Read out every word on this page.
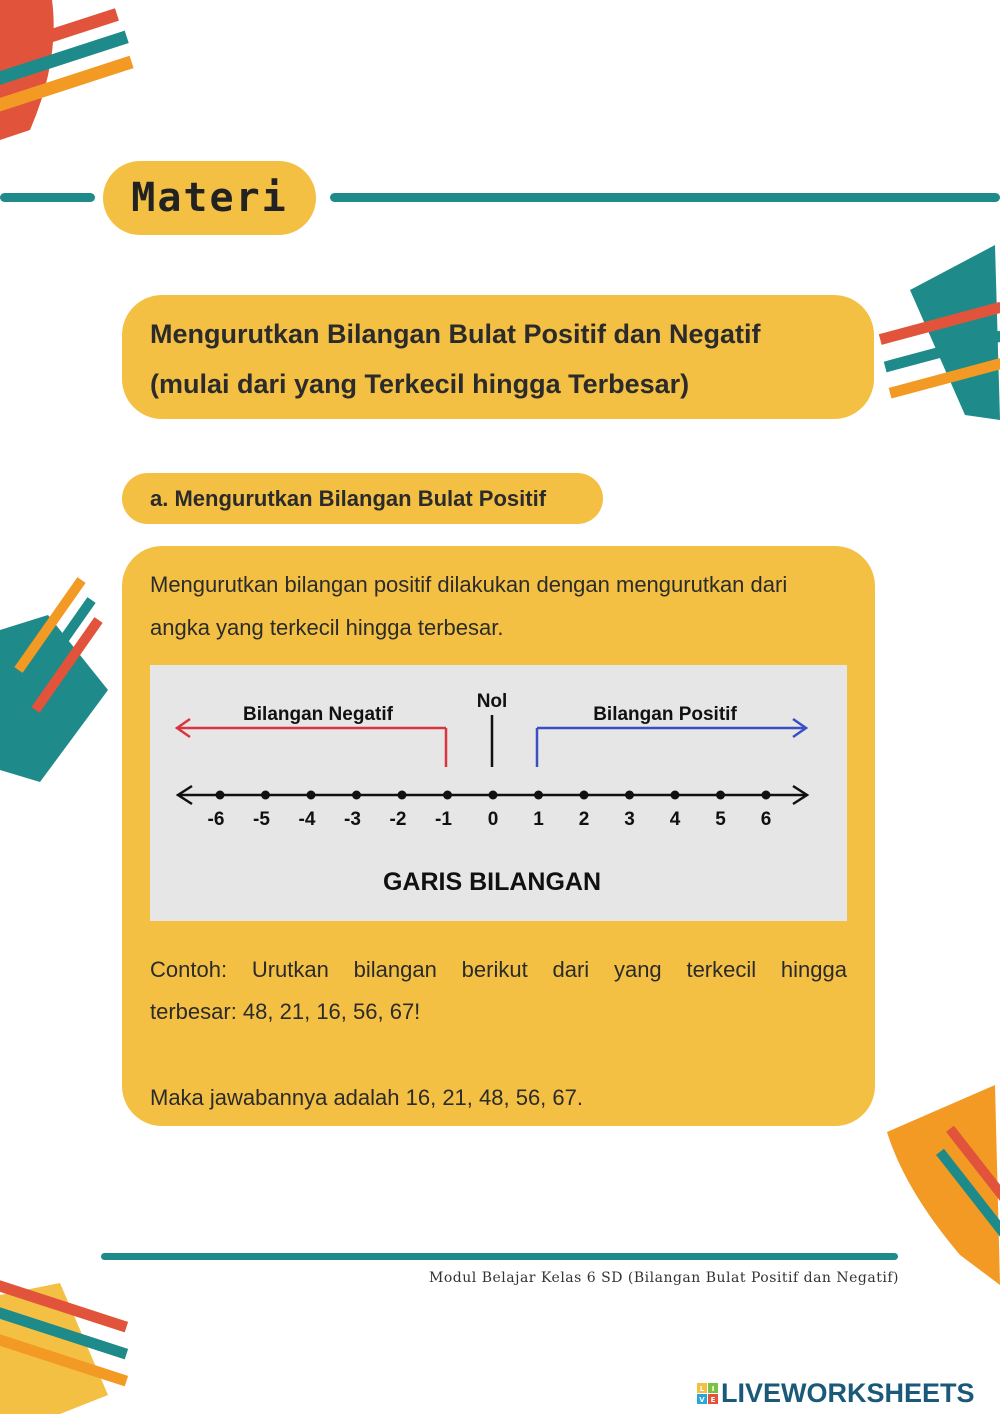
Materi
Mengurutkan Bilangan Bulat Positif dan Negatif
(mulai dari yang Terkecil hingga Terbesar)
a. Mengurutkan Bilangan Bulat Positif
Mengurutkan bilangan positif dilakukan dengan mengurutkan dari
angka yang terkecil hingga terbesar.
Bilangan Negatif
Nol
Bilangan Positif
-6 -5 -4 -3 -2 -1 0 1 2 3 4 5 6
GARIS BILANGAN
Contoh: Urutkan bilangan berikut dari yang terkecil hingga
terbesar: 48, 21, 16, 56, 67!
Maka jawabannya adalah 16, 21, 48, 56, 67.
Modul Belajar Kelas 6 SD (Bilangan Bulat Positif dan Negatif)
L I
V E LIVEWORKSHEETS
